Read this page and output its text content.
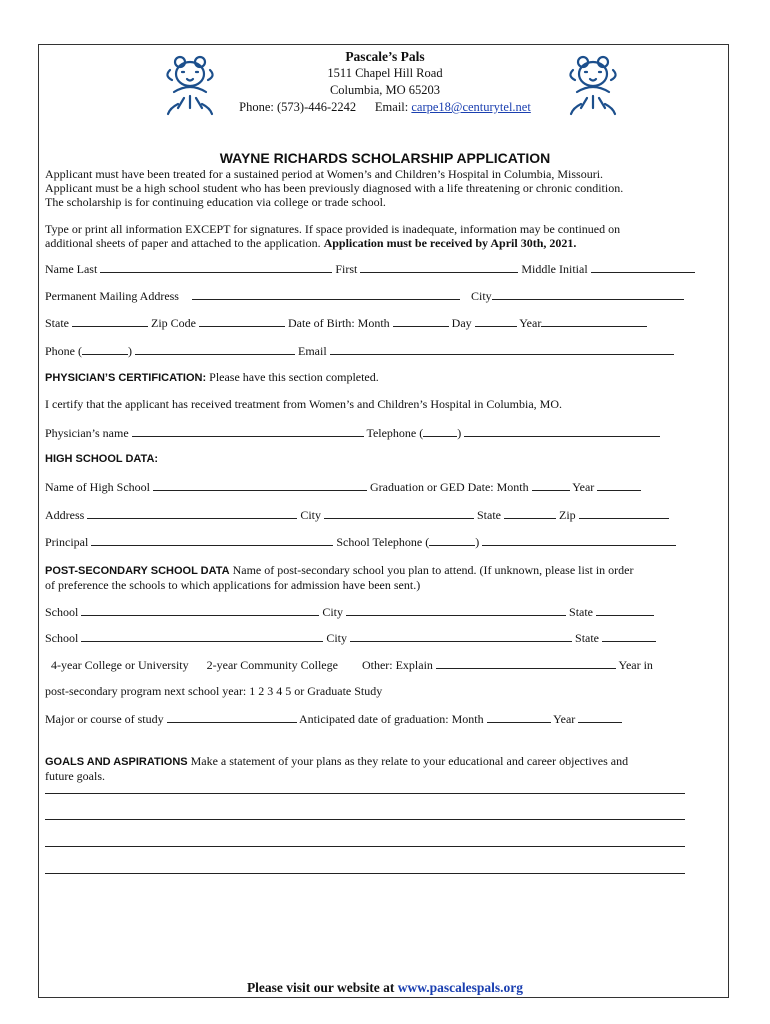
Pascale’s Pals
1511 Chapel Hill Road
Columbia, MO 65203
Phone: (573)-446-2242 Email: carpe18@centurytel.net
WAYNE RICHARDS SCHOLARSHIP APPLICATION
Applicant must have been treated for a sustained period at Women’s and Children’s Hospital in Columbia, Missouri.
Applicant must be a high school student who has been previously diagnosed with a life threatening or chronic condition.
The scholarship is for continuing education via college or trade school.
Type or print all information EXCEPT for signatures. If space provided is inadequate, information may be continued on
additional sheets of paper and attached to the application. Application must be received by April 30th, 2021.
Name Last	First	Middle Initial
Permanent Mailing Address	City
State	Zip Code	Date of Birth: Month	Day	Year
Phone (	)	Email
PHYSICIAN’S CERTIFICATION: Please have this section completed.
I certify that the applicant has received treatment from Women’s and Children’s Hospital in Columbia, MO.
Physician’s name	Telephone (	)
HIGH SCHOOL DATA:
Name of High School	Graduation or GED Date: Month	Year
Address	City	State	Zip
Principal	School Telephone (	)
POST-SECONDARY SCHOOL DATA Name of post-secondary school you plan to attend. (If unknown, please list in order
of preference the schools to which applications for admission have been sent.)
School	City	State
School	City	State
4-year College or University 2-year Community College Other: Explain	Year in
post-secondary program next school year: 1 2 3 4 5 or Graduate Study
Major or course of study	Anticipated date of graduation: Month	Year
GOALS AND ASPIRATIONS Make a statement of your plans as they relate to your educational and career objectives and
future goals.
Please visit our website at www.pascalespals.org
